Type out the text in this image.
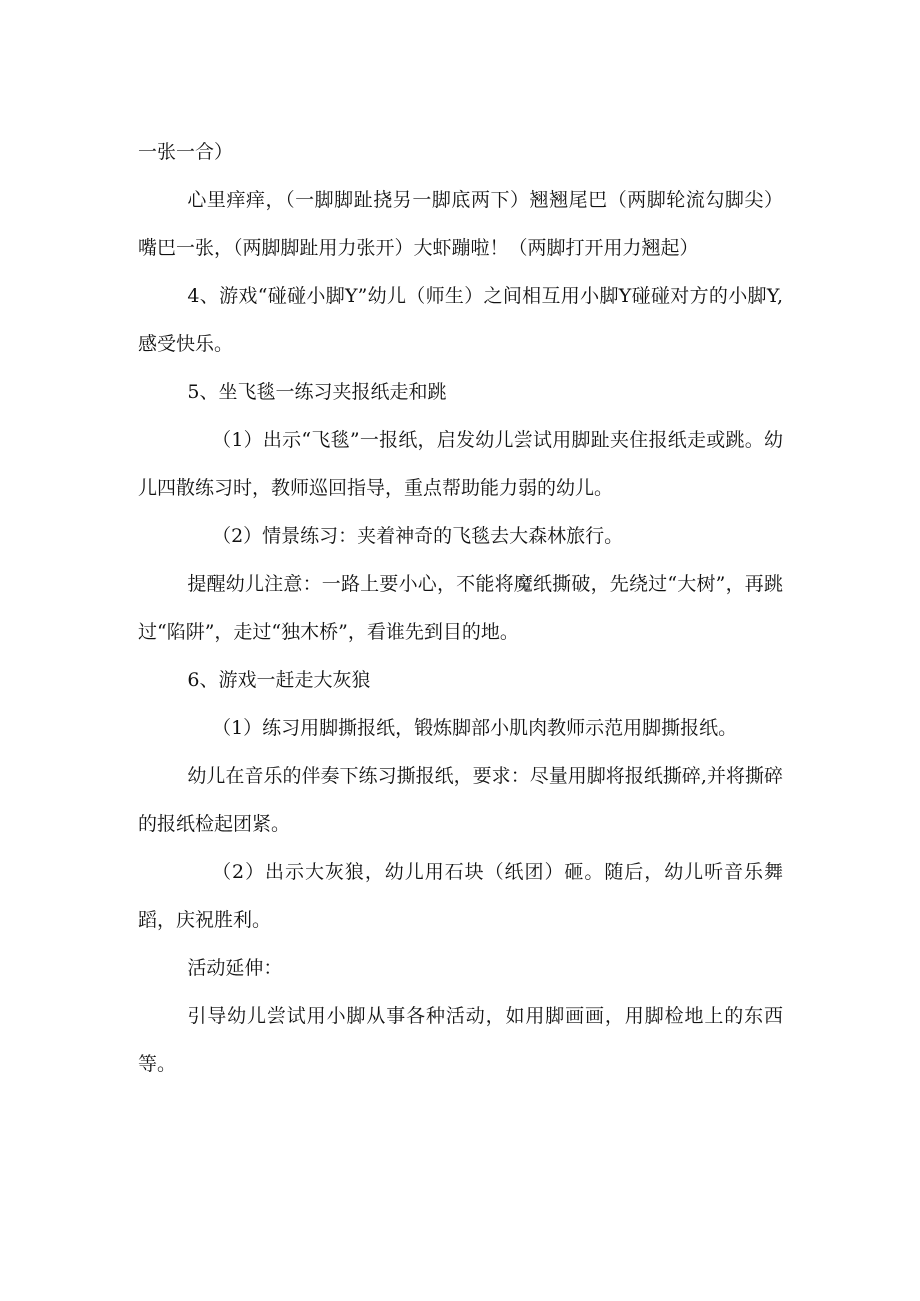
一张一合）

心里痒痒，（一脚脚趾挠另一脚底两下）翘翘尾巴（两脚轮流勾脚尖）嘴巴一张，（两脚脚趾用力张开）大虾蹦啦！（两脚打开用力翘起）

4、游戏“碰碰小脚Y”幼儿（师生）之间相互用小脚Y碰碰对方的小脚Y,感受快乐。

5、坐飞毯一练习夹报纸走和跳

（1）出示“飞毯”一报纸，启发幼儿尝试用脚趾夹住报纸走或跳。幼儿四散练习时，教师巡回指导，重点帮助能力弱的幼儿。

（2）情景练习：夹着神奇的飞毯去大森林旅行。

提醒幼儿注意：一路上要小心，不能将魔纸撕破，先绕过“大树”，再跳过“陷阱”，走过“独木桥”，看谁先到目的地。

6、游戏一赶走大灰狼

（1）练习用脚撕报纸，锻炼脚部小肌肉教师示范用脚撕报纸。

幼儿在音乐的伴奏下练习撕报纸，要求：尽量用脚将报纸撕碎,并将撕碎的报纸检起团紧。

（2）出示大灰狼，幼儿用石块（纸团）砸。随后，幼儿听音乐舞蹈，庆祝胜利。

活动延伸：

引导幼儿尝试用小脚从事各种活动，如用脚画画，用脚检地上的东西等。
